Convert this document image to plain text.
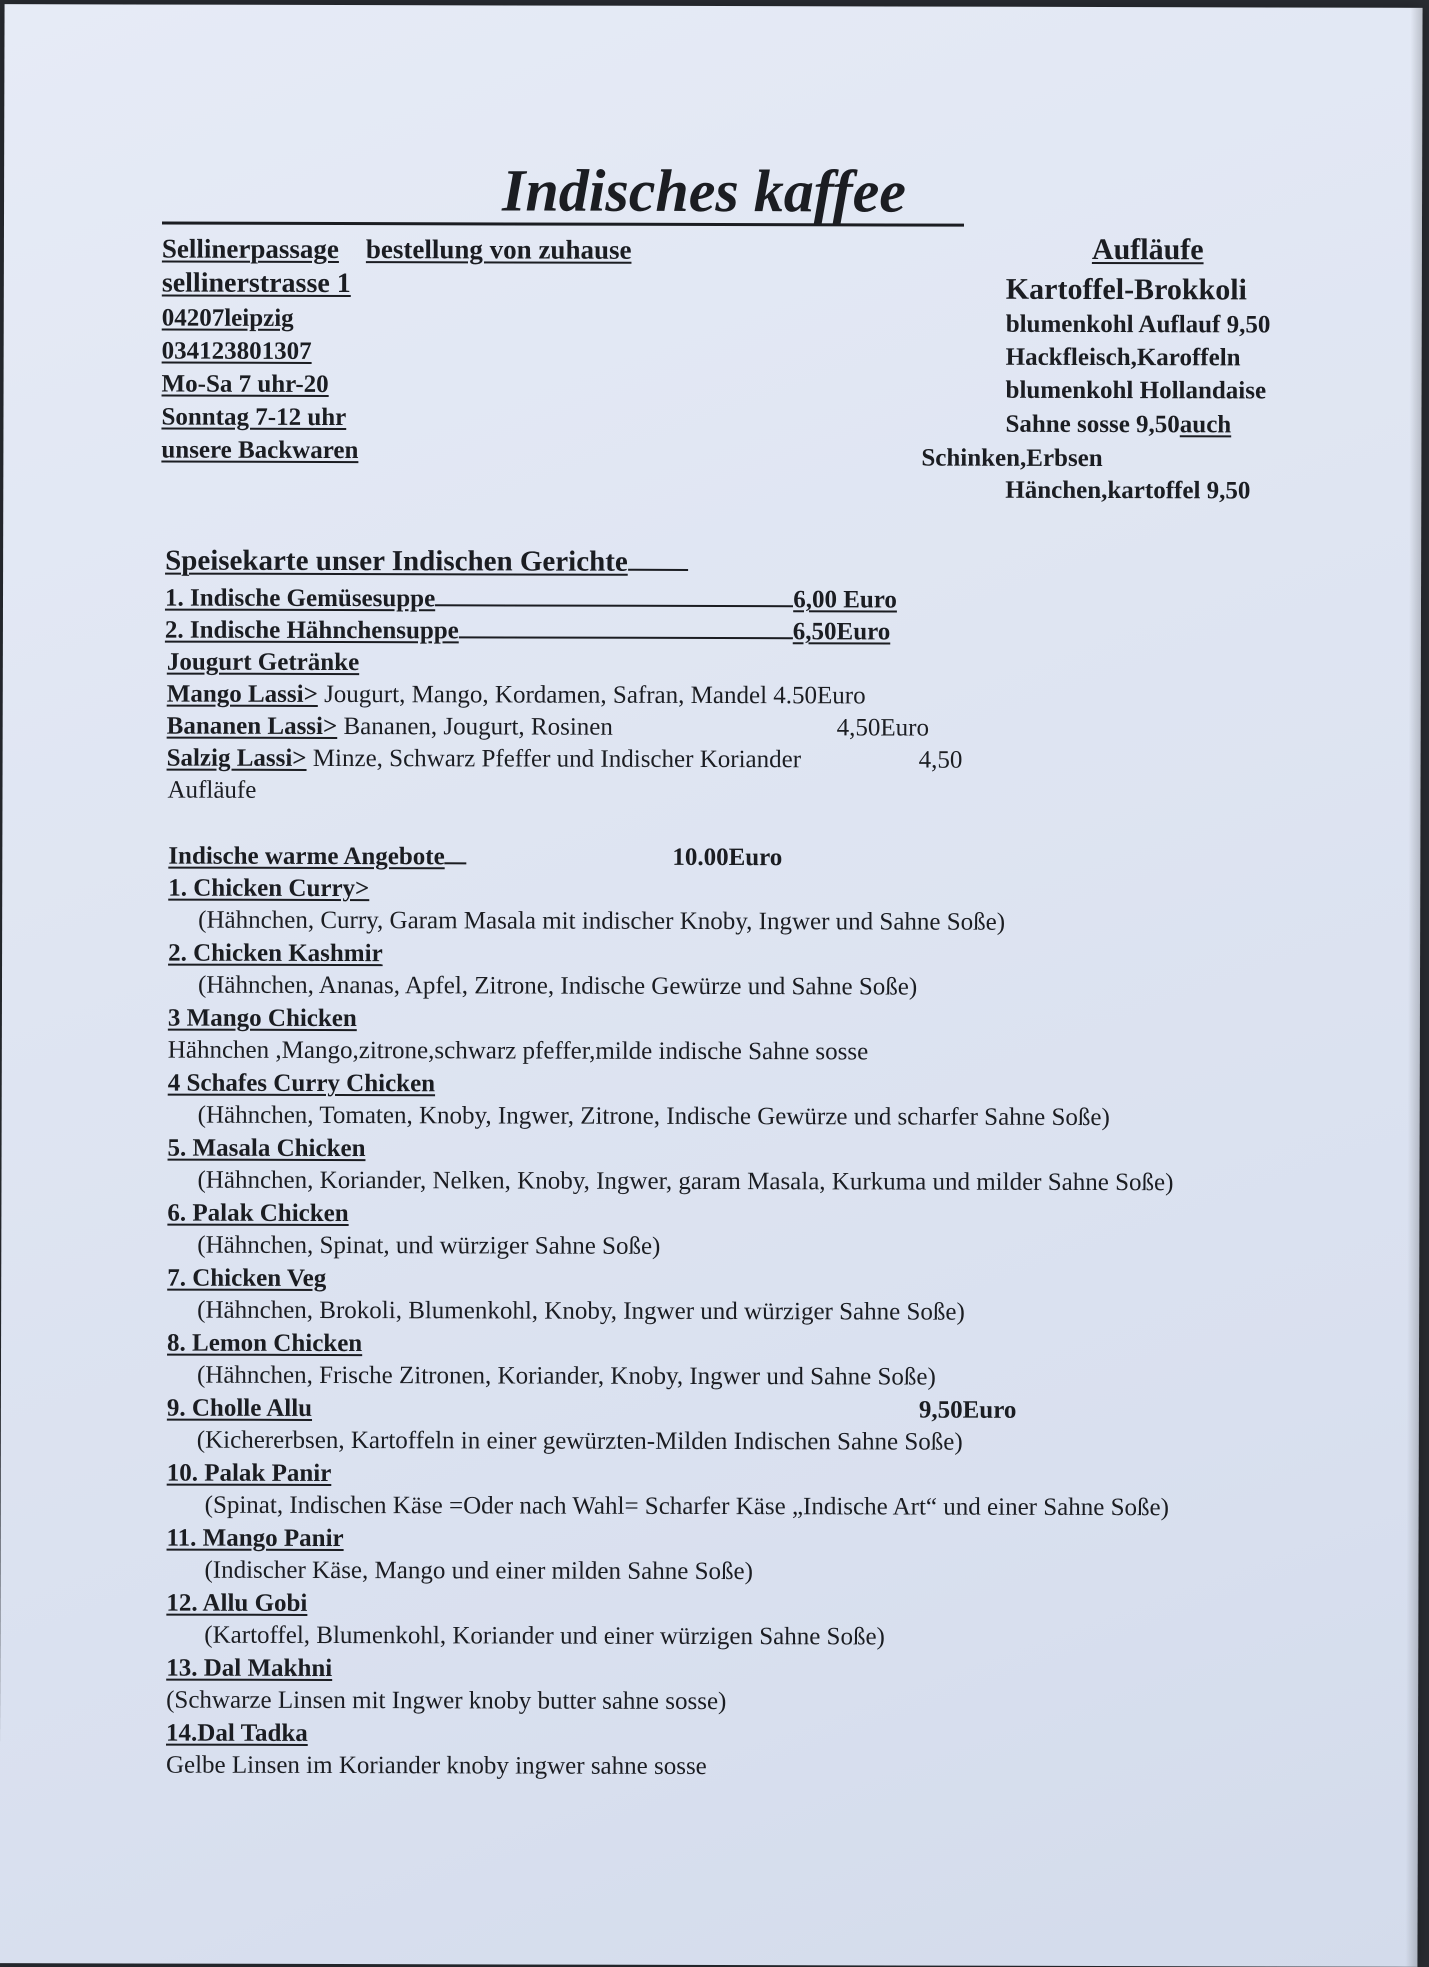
Indisches kaffee
Sellinerpassage bestellung von zuhause
sellinerstrasse 1
04207leipzig
034123801307
Mo-Sa 7 uhr-20
Sonntag 7-12 uhr
unsere Backwaren
Aufläufe
Kartoffel-Brokkoli
blumenkohl Auflauf 9,50
Hackfleisch,Karoffeln
blumenkohl Hollandaise
Sahne sosse 9,50auch
Schinken,Erbsen
Hänchen,kartoffel 9,50
Speisekarte unser Indischen Gerichte
1. Indische Gemüsesuppe	6,00 Euro
2. Indische Hähnchensuppe	6,50Euro
Jougurt Getränke
Mango Lassi> Jougurt, Mango, Kordamen, Safran, Mandel 4.50Euro
Bananen Lassi> Bananen, Jougurt, Rosinen	4,50Euro
Salzig Lassi> Minze, Schwarz Pfeffer und Indischer Koriander	4,50
Aufläufe
Indische warme Angebote	10.00Euro
1. Chicken Curry>
(Hähnchen, Curry, Garam Masala mit indischer Knoby, Ingwer und Sahne Soße)
2. Chicken Kashmir
(Hähnchen, Ananas, Apfel, Zitrone, Indische Gewürze und Sahne Soße)
3 Mango Chicken
Hähnchen ,Mango,zitrone,schwarz pfeffer,milde indische Sahne sosse
4 Schafes Curry Chicken
(Hähnchen, Tomaten, Knoby, Ingwer, Zitrone, Indische Gewürze und scharfer Sahne Soße)
5. Masala Chicken
(Hähnchen, Koriander, Nelken, Knoby, Ingwer, garam Masala, Kurkuma und milder Sahne Soße)
6. Palak Chicken
(Hähnchen, Spinat, und würziger Sahne Soße)
7. Chicken Veg
(Hähnchen, Brokoli, Blumenkohl, Knoby, Ingwer und würziger Sahne Soße)
8. Lemon Chicken
(Hähnchen, Frische Zitronen, Koriander, Knoby, Ingwer und Sahne Soße)
9. Cholle Allu	9,50Euro
(Kichererbsen, Kartoffeln in einer gewürzten-Milden Indischen Sahne Soße)
10. Palak Panir
(Spinat, Indischen Käse =Oder nach Wahl= Scharfer Käse „Indische Art“ und einer Sahne Soße)
11. Mango Panir
(Indischer Käse, Mango und einer milden Sahne Soße)
12. Allu Gobi
(Kartoffel, Blumenkohl, Koriander und einer würzigen Sahne Soße)
13. Dal Makhni
(Schwarze Linsen mit Ingwer knoby butter sahne sosse)
14.Dal Tadka
Gelbe Linsen im Koriander knoby ingwer sahne sosse
